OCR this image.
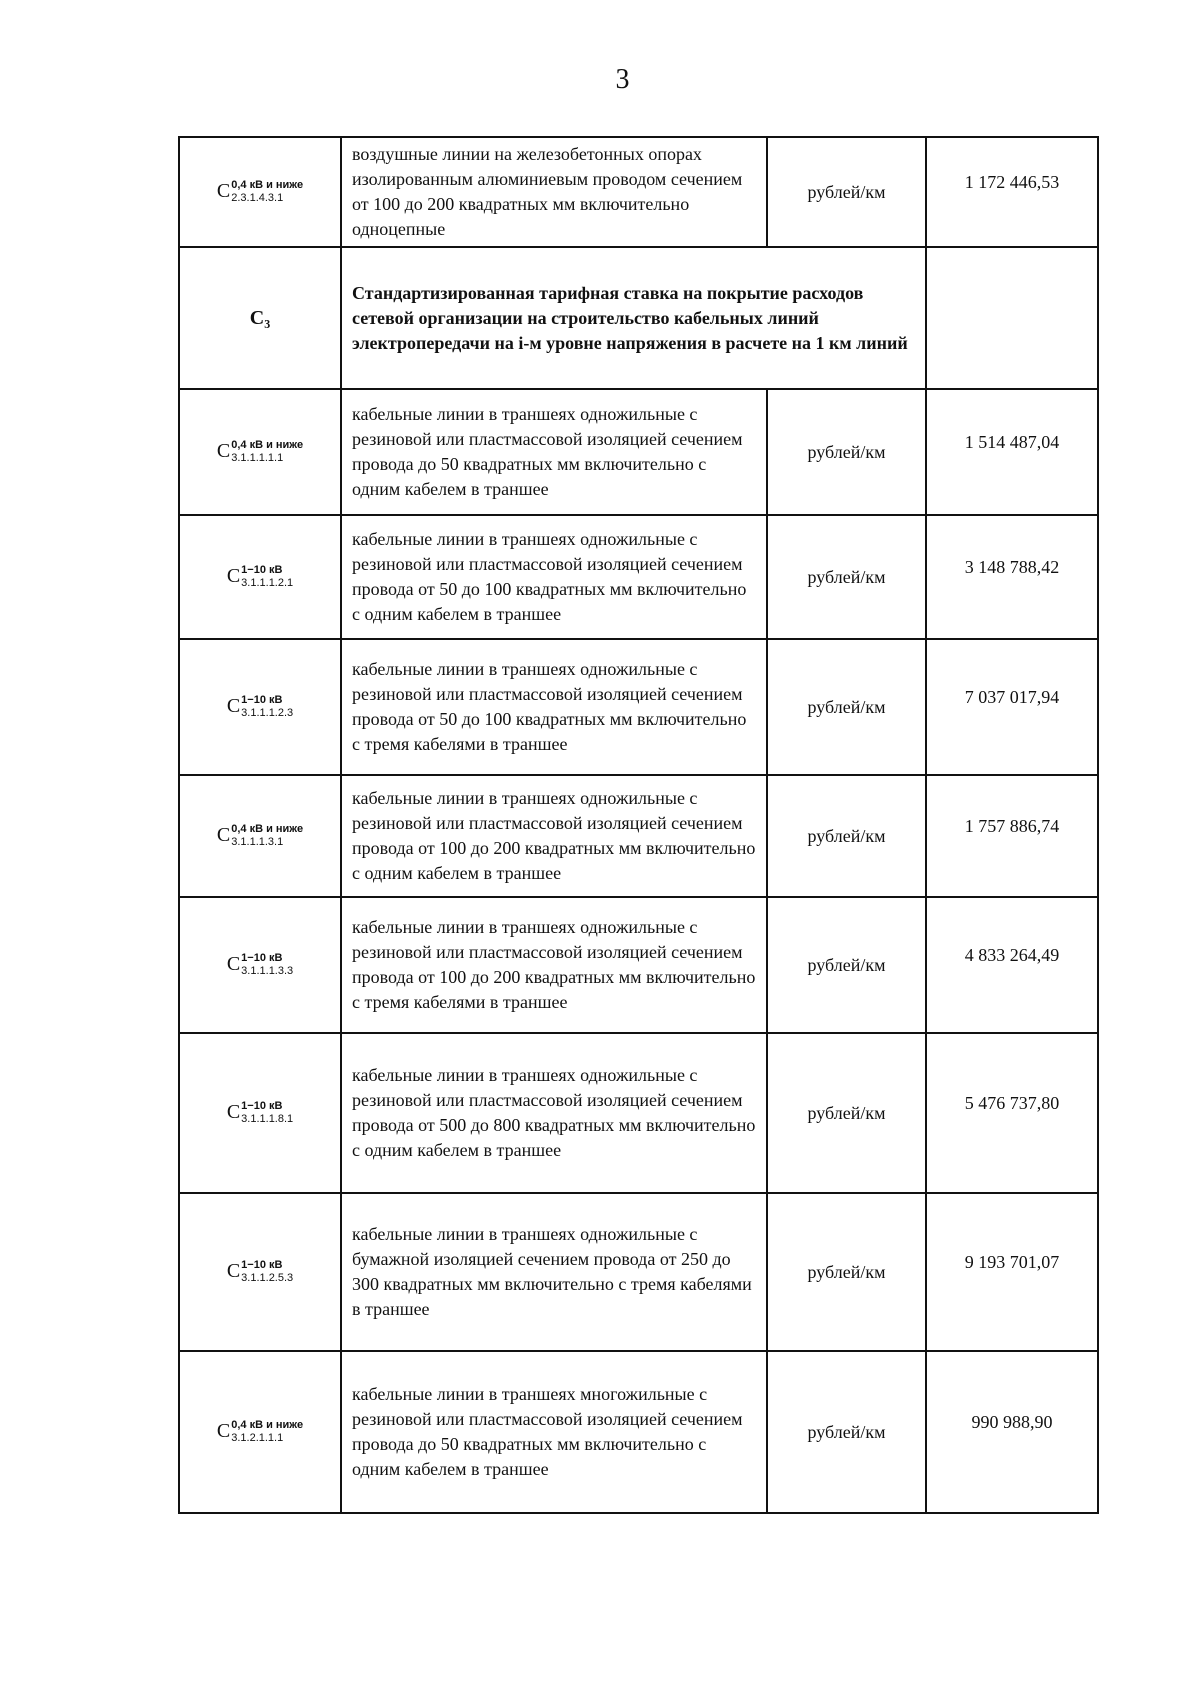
3
C 0,4 кВ и ниже
2.3.1.4.3.1	воздушные линии на железобетонных опорах изолированным алюминиевым проводом сечением от 100 до 200 квадратных мм включительно одноцепные	рублей/км	1 172 446,53
C₃	Стандартизированная тарифная ставка на покрытие расходов сетевой организации на строительство кабельных линий электропередачи на i-м уровне напряжения в расчете на 1 км линий		
C 0,4 кВ и ниже
3.1.1.1.1.1	кабельные линии в траншеях одножильные с резиновой или пластмассовой изоляцией сечением провода до 50 квадратных мм включительно с одним кабелем в траншее	рублей/км	1 514 487,04
C 1−10 кВ
3.1.1.1.2.1	кабельные линии в траншеях одножильные с резиновой или пластмассовой изоляцией сечением провода от 50 до 100 квадратных мм включительно с одним кабелем в траншее	рублей/км	3 148 788,42
C 1−10 кВ
3.1.1.1.2.3	кабельные линии в траншеях одножильные с резиновой или пластмассовой изоляцией сечением провода от 50 до 100 квадратных мм включительно с тремя кабелями в траншее	рублей/км	7 037 017,94
C 0,4 кВ и ниже
3.1.1.1.3.1	кабельные линии в траншеях одножильные с резиновой или пластмассовой изоляцией сечением провода от 100 до 200 квадратных мм включительно с одним кабелем в траншее	рублей/км	1 757 886,74
C 1−10 кВ
3.1.1.1.3.3	кабельные линии в траншеях одножильные с резиновой или пластмассовой изоляцией сечением провода от 100 до 200 квадратных мм включительно с тремя кабелями в траншее	рублей/км	4 833 264,49
C 1−10 кВ
3.1.1.1.8.1	кабельные линии в траншеях одножильные с резиновой или пластмассовой изоляцией сечением провода от 500 до 800 квадратных мм включительно с одним кабелем в траншее	рублей/км	5 476 737,80
C 1−10 кВ
3.1.1.2.5.3	кабельные линии в траншеях одножильные с бумажной изоляцией сечением провода от 250 до 300 квадратных мм включительно с тремя кабелями в траншее	рублей/км	9 193 701,07
C 0,4 кВ и ниже
3.1.2.1.1.1	кабельные линии в траншеях многожильные с резиновой или пластмассовой изоляцией сечением провода до 50 квадратных мм включительно с одним кабелем в траншее	рублей/км	990 988,90
